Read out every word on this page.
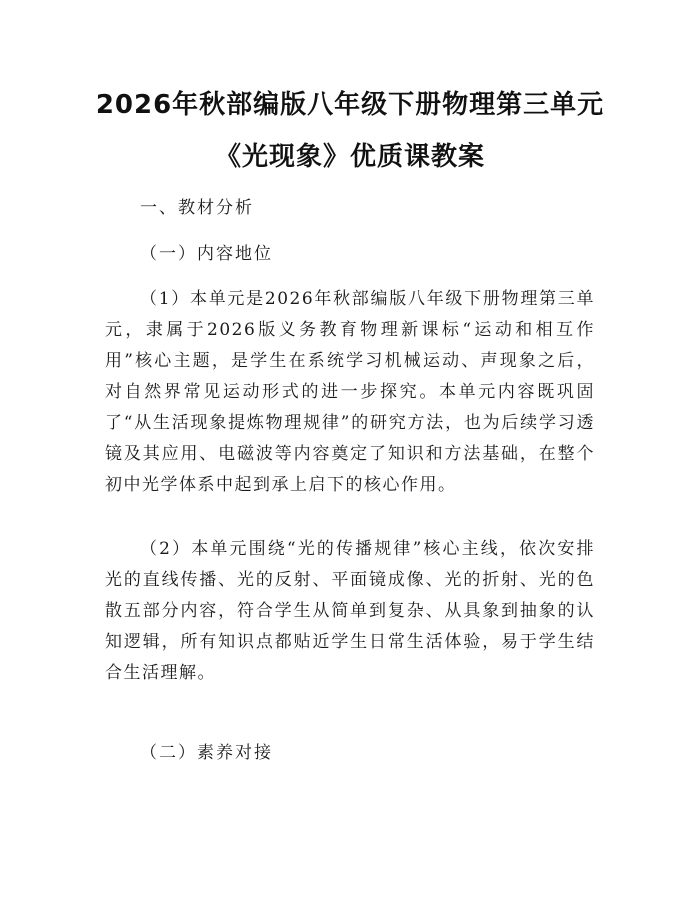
2026年秋部编版八年级下册物理第三单元
《光现象》优质课教案
一、教材分析
（一）内容地位
（1）本单元是2026年秋部编版八年级下册物理第三单元，隶属于2026版义务教育物理新课标“运动和相互作用”核心主题，是学生在系统学习机械运动、声现象之后，对自然界常见运动形式的进一步探究。本单元内容既巩固了“从生活现象提炼物理规律”的研究方法，也为后续学习透镜及其应用、电磁波等内容奠定了知识和方法基础，在整个初中光学体系中起到承上启下的核心作用。
（2）本单元围绕“光的传播规律”核心主线，依次安排光的直线传播、光的反射、平面镜成像、光的折射、光的色散五部分内容，符合学生从简单到复杂、从具象到抽象的认知逻辑，所有知识点都贴近学生日常生活体验，易于学生结合生活理解。
（二）素养对接
